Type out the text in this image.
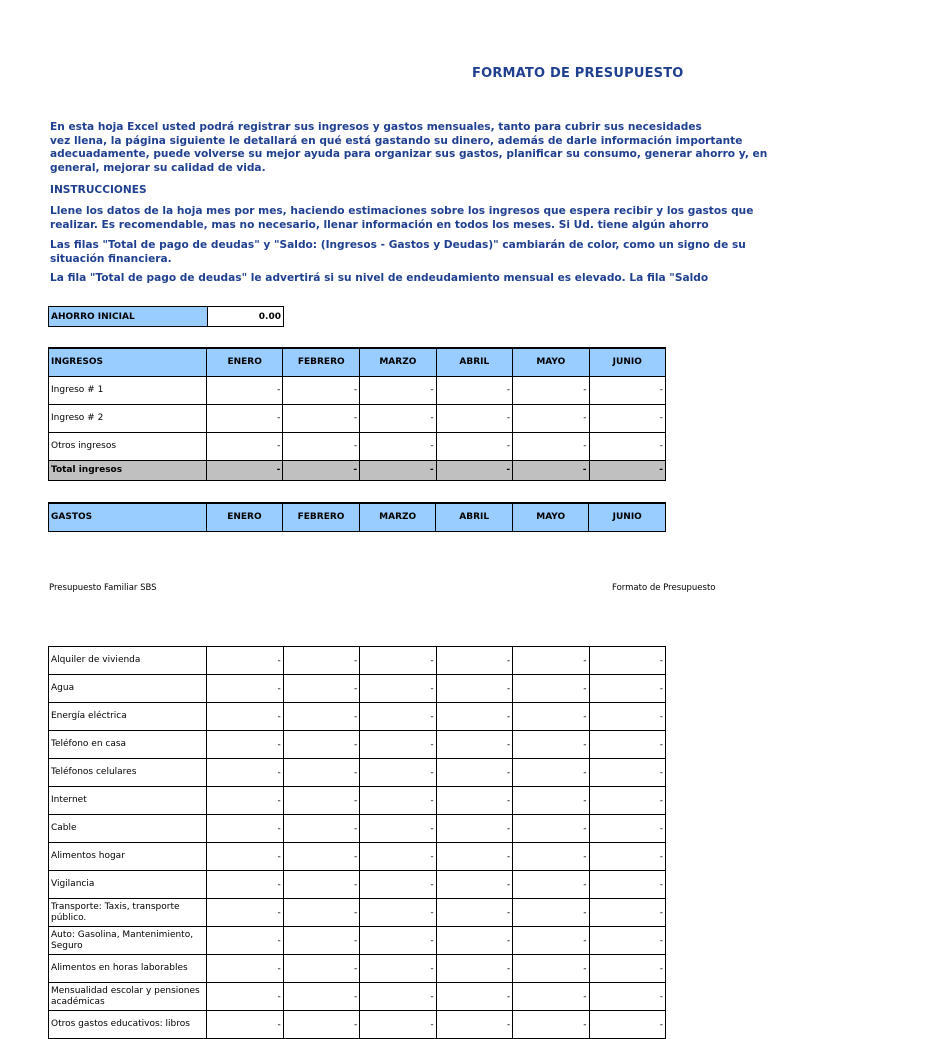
FORMATO DE PRESUPUESTO
En esta hoja Excel usted podrá registrar sus ingresos y gastos mensuales, tanto para cubrir sus necesidades
vez llena, la página siguiente le detallará en qué está gastando su dinero, además de darle información importante
adecuadamente, puede volverse su mejor ayuda para organizar sus gastos, planificar su consumo, generar ahorro y, en
general, mejorar su calidad de vida.
INSTRUCCIONES
Llene los datos de la hoja mes por mes, haciendo estimaciones sobre los ingresos que espera recibir y los gastos que
realizar. Es recomendable, mas no necesario, llenar información en todos los meses. Si Ud. tiene algún ahorro
Las filas "Total de pago de deudas" y "Saldo: (Ingresos - Gastos y Deudas)" cambiarán de color, como un signo de su
situación financiera.
La fila "Total de pago de deudas" le advertirá si su nivel de endeudamiento mensual es elevado. La fila "Saldo
AHORRO INICIAL	0.00
INGRESOS	ENERO	FEBRERO	MARZO	ABRIL	MAYO	JUNIO
Ingreso # 1	-	-	-	-	-	-
Ingreso # 2	-	-	-	-	-	-
Otros ingresos	-	-	-	-	-	-
Total ingresos	-	-	-	-	-	-
GASTOS	ENERO	FEBRERO	MARZO	ABRIL	MAYO	JUNIO
Alquiler de vivienda	-	-	-	-	-	-
Agua	-	-	-	-	-	-
Energía eléctrica	-	-	-	-	-	-
Teléfono en casa	-	-	-	-	-	-
Teléfonos celulares	-	-	-	-	-	-
Internet	-	-	-	-	-	-
Cable	-	-	-	-	-	-
Alimentos hogar	-	-	-	-	-	-
Vigilancia	-	-	-	-	-	-
Transporte: Taxis, transporte público.	-	-	-	-	-	-
Auto: Gasolina, Mantenimiento, Seguro	-	-	-	-	-	-
Alimentos en horas laborables	-	-	-	-	-	-
Mensualidad escolar y pensiones académicas	-	-	-	-	-	-
Otros gastos educativos: libros	-	-	-	-	-	-
Presupuesto Familiar SBS	Formato de Presupuesto
